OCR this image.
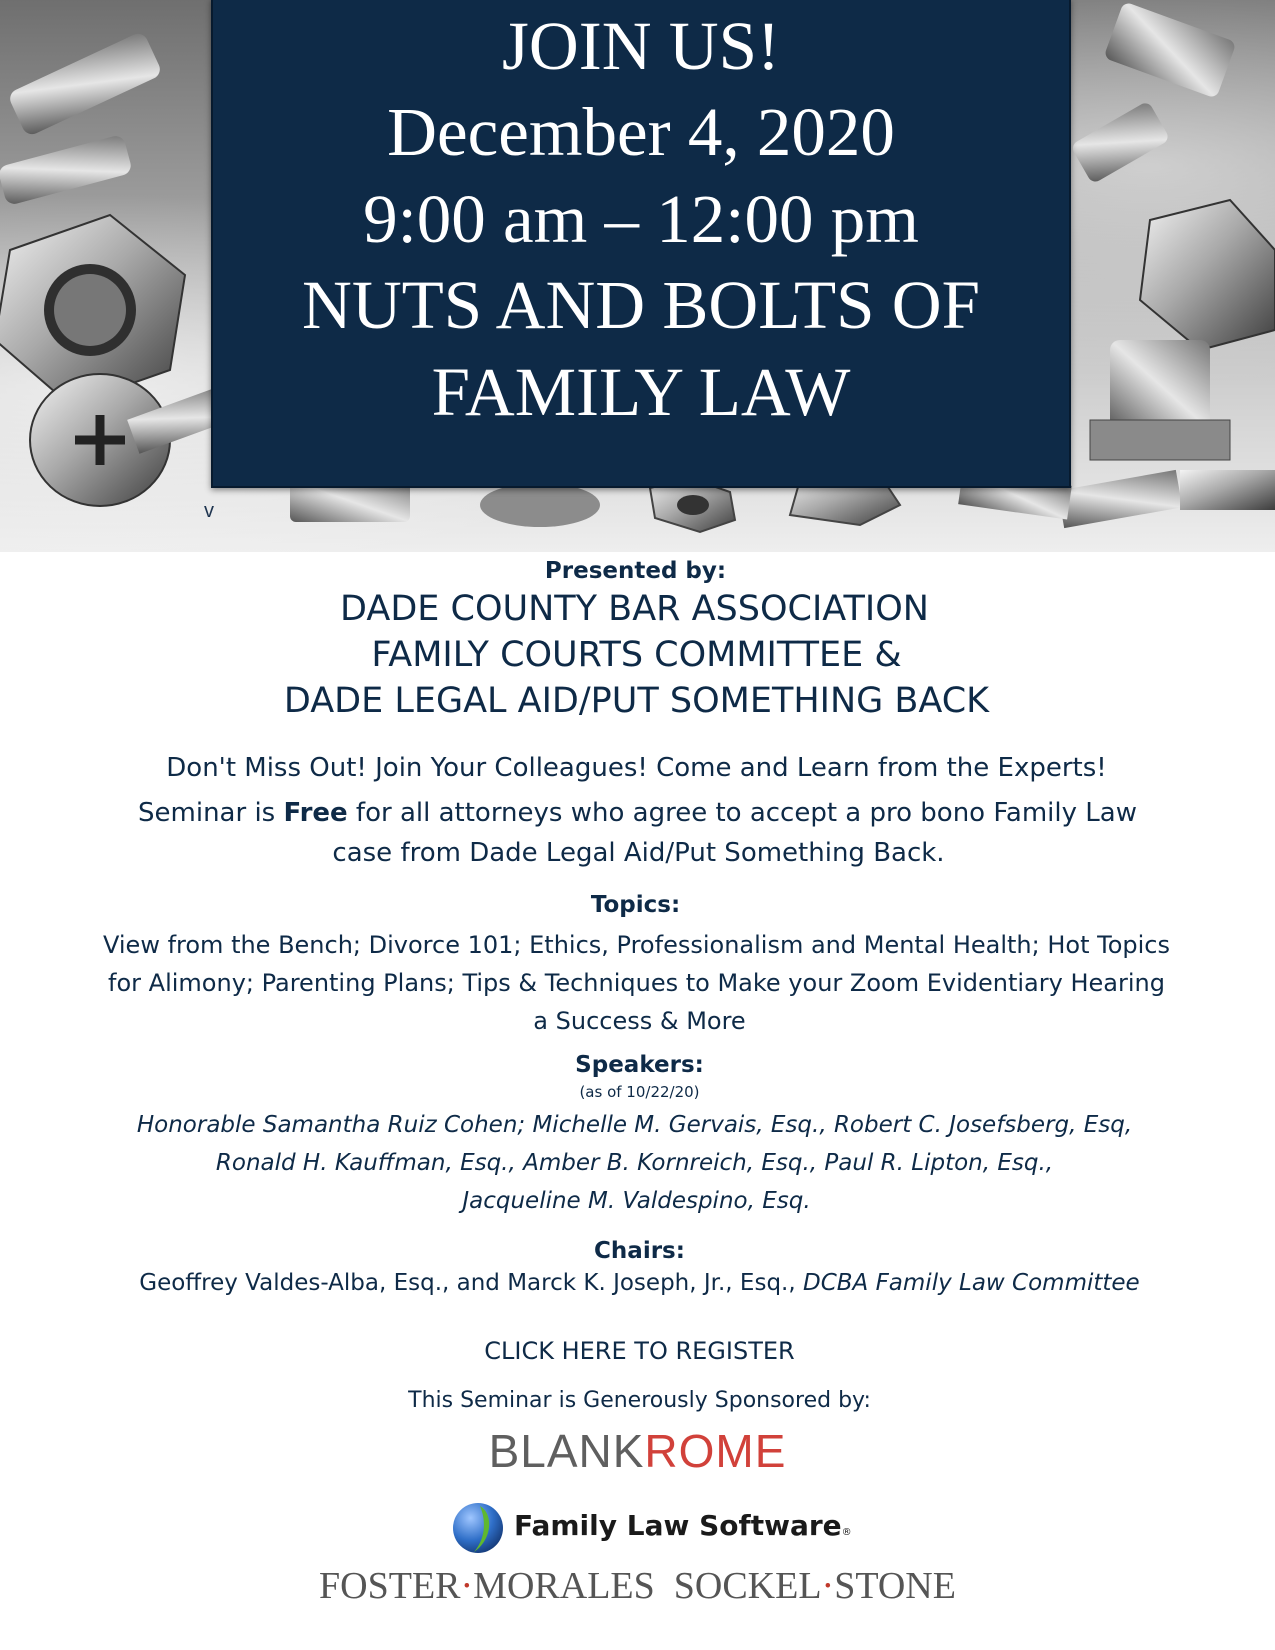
JOIN US!
December 4, 2020
9:00 am – 12:00 pm
NUTS AND BOLTS OF
FAMILY LAW
v
Presented by:
DADE COUNTY BAR ASSOCIATION
FAMILY COURTS COMMITTEE &
DADE LEGAL AID/PUT SOMETHING BACK
Don't Miss Out! Join Your Colleagues! Come and Learn from the Experts!
Seminar is Free for all attorneys who agree to accept a pro bono Family Law
case from Dade Legal Aid/Put Something Back.
Topics:
View from the Bench; Divorce 101; Ethics, Professionalism and Mental Health; Hot Topics
for Alimony; Parenting Plans; Tips & Techniques to Make your Zoom Evidentiary Hearing
a Success & More
Speakers:
(as of 10/22/20)
Honorable Samantha Ruiz Cohen; Michelle M. Gervais, Esq., Robert C. Josefsberg, Esq,
Ronald H. Kauffman, Esq., Amber B. Kornreich, Esq., Paul R. Lipton, Esq.,
Jacqueline M. Valdespino, Esq.
Chairs:
Geoffrey Valdes-Alba, Esq., and Marck K. Joseph, Jr., Esq., DCBA Family Law Committee
CLICK HERE TO REGISTER
This Seminar is Generously Sponsored by:
BLANKROME
Family Law Software®
FOSTER·MORALES  SOCKEL·STONE
